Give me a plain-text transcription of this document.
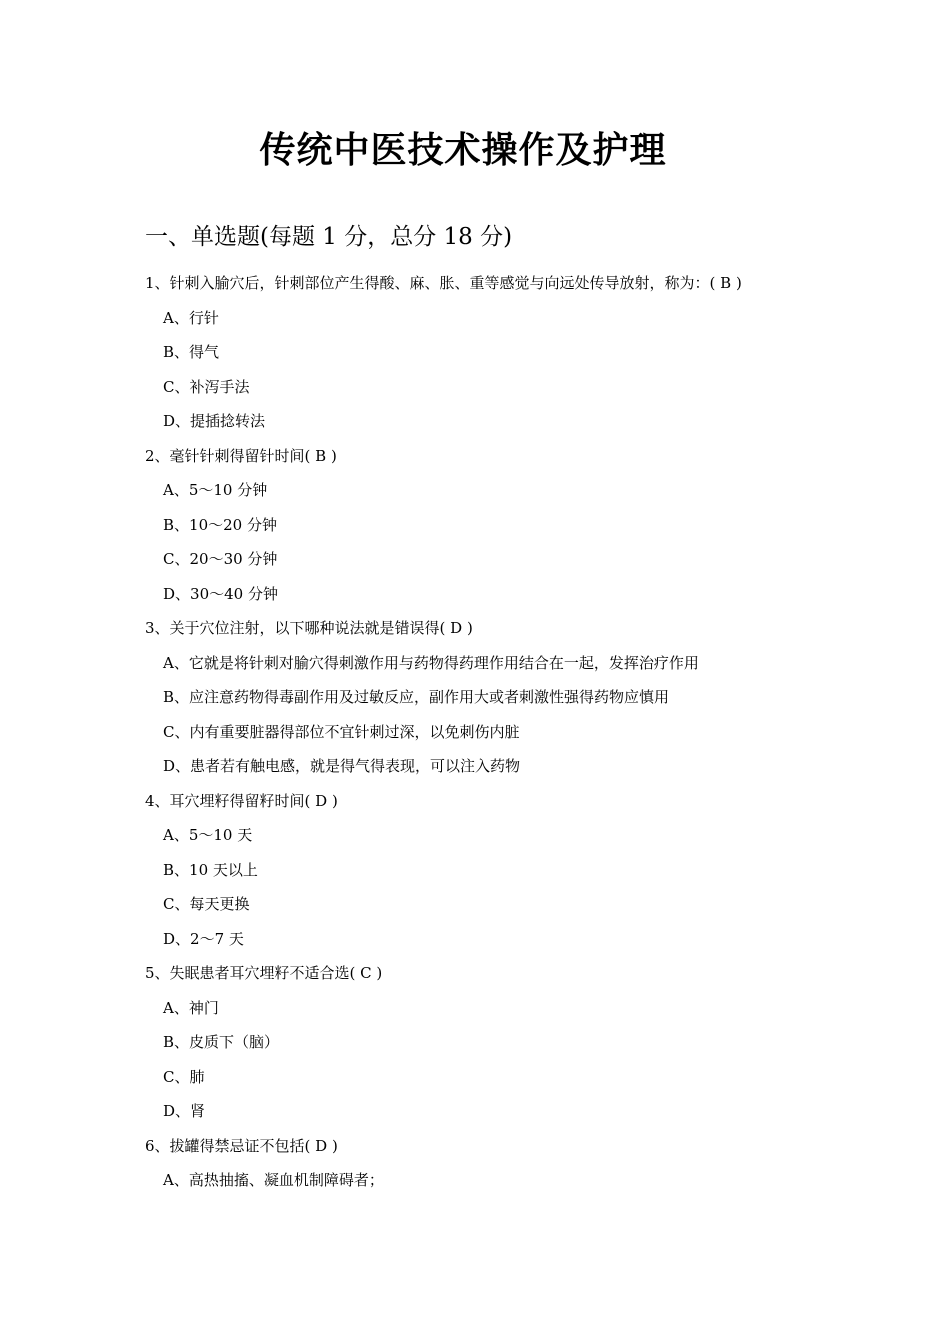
传统中医技术操作及护理
一、单选题(每题 1 分，总分 18 分)
1、针刺入腧穴后，针刺部位产生得酸、麻、胀、重等感觉与向远处传导放射，称为：( B )
A、行针
B、得气
C、补泻手法
D、提插捻转法
2、毫针针刺得留针时间( B )
A、5～10 分钟
B、10～20 分钟
C、20～30 分钟
D、30～40 分钟
3、关于穴位注射，以下哪种说法就是错误得( D )
A、它就是将针刺对腧穴得刺激作用与药物得药理作用结合在一起，发挥治疗作用
B、应注意药物得毒副作用及过敏反应，副作用大或者刺激性强得药物应慎用
C、内有重要脏器得部位不宜针刺过深，以免刺伤内脏
D、患者若有触电感，就是得气得表现，可以注入药物
4、耳穴埋籽得留籽时间( D )
A、5～10 天
B、10 天以上
C、每天更换
D、2～7 天
5、失眠患者耳穴埋籽不适合选( C )
A、神门
B、皮质下（脑）
C、肺
D、肾
6、拔罐得禁忌证不包括( D )
A、高热抽搐、凝血机制障碍者；
